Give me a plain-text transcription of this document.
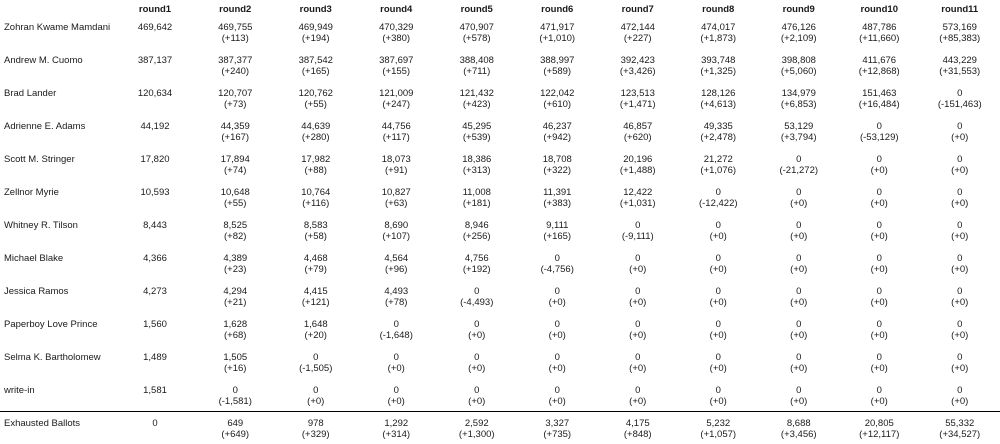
	round1	round2	round3	round4	round5	round6	round7	round8	round9	round10	round11
Zohran Kwame Mamdani	469,642	469,755	469,949	470,329	470,907	471,917	472,144	474,017	476,126	487,786	573,169
		(+113)	(+194)	(+380)	(+578)	(+1,010)	(+227)	(+1,873)	(+2,109)	(+11,660)	(+85,383)
Andrew M. Cuomo	387,137	387,377	387,542	387,697	388,408	388,997	392,423	393,748	398,808	411,676	443,229
		(+240)	(+165)	(+155)	(+711)	(+589)	(+3,426)	(+1,325)	(+5,060)	(+12,868)	(+31,553)
Brad Lander	120,634	120,707	120,762	121,009	121,432	122,042	123,513	128,126	134,979	151,463	0
		(+73)	(+55)	(+247)	(+423)	(+610)	(+1,471)	(+4,613)	(+6,853)	(+16,484)	(-151,463)
Adrienne E. Adams	44,192	44,359	44,639	44,756	45,295	46,237	46,857	49,335	53,129	0	0
		(+167)	(+280)	(+117)	(+539)	(+942)	(+620)	(+2,478)	(+3,794)	(-53,129)	(+0)
Scott M. Stringer	17,820	17,894	17,982	18,073	18,386	18,708	20,196	21,272	0	0	0
		(+74)	(+88)	(+91)	(+313)	(+322)	(+1,488)	(+1,076)	(-21,272)	(+0)	(+0)
Zellnor Myrie	10,593	10,648	10,764	10,827	11,008	11,391	12,422	0	0	0	0
		(+55)	(+116)	(+63)	(+181)	(+383)	(+1,031)	(-12,422)	(+0)	(+0)	(+0)
Whitney R. Tilson	8,443	8,525	8,583	8,690	8,946	9,111	0	0	0	0	0
		(+82)	(+58)	(+107)	(+256)	(+165)	(-9,111)	(+0)	(+0)	(+0)	(+0)
Michael Blake	4,366	4,389	4,468	4,564	4,756	0	0	0	0	0	0
		(+23)	(+79)	(+96)	(+192)	(-4,756)	(+0)	(+0)	(+0)	(+0)	(+0)
Jessica Ramos	4,273	4,294	4,415	4,493	0	0	0	0	0	0	0
		(+21)	(+121)	(+78)	(-4,493)	(+0)	(+0)	(+0)	(+0)	(+0)	(+0)
Paperboy Love Prince	1,560	1,628	1,648	0	0	0	0	0	0	0	0
		(+68)	(+20)	(-1,648)	(+0)	(+0)	(+0)	(+0)	(+0)	(+0)	(+0)
Selma K. Bartholomew	1,489	1,505	0	0	0	0	0	0	0	0	0
		(+16)	(-1,505)	(+0)	(+0)	(+0)	(+0)	(+0)	(+0)	(+0)	(+0)
write-in	1,581	0	0	0	0	0	0	0	0	0	0
		(-1,581)	(+0)	(+0)	(+0)	(+0)	(+0)	(+0)	(+0)	(+0)	(+0)
Exhausted Ballots	0	649	978	1,292	2,592	3,327	4,175	5,232	8,688	20,805	55,332
		(+649)	(+329)	(+314)	(+1,300)	(+735)	(+848)	(+1,057)	(+3,456)	(+12,117)	(+34,527)
